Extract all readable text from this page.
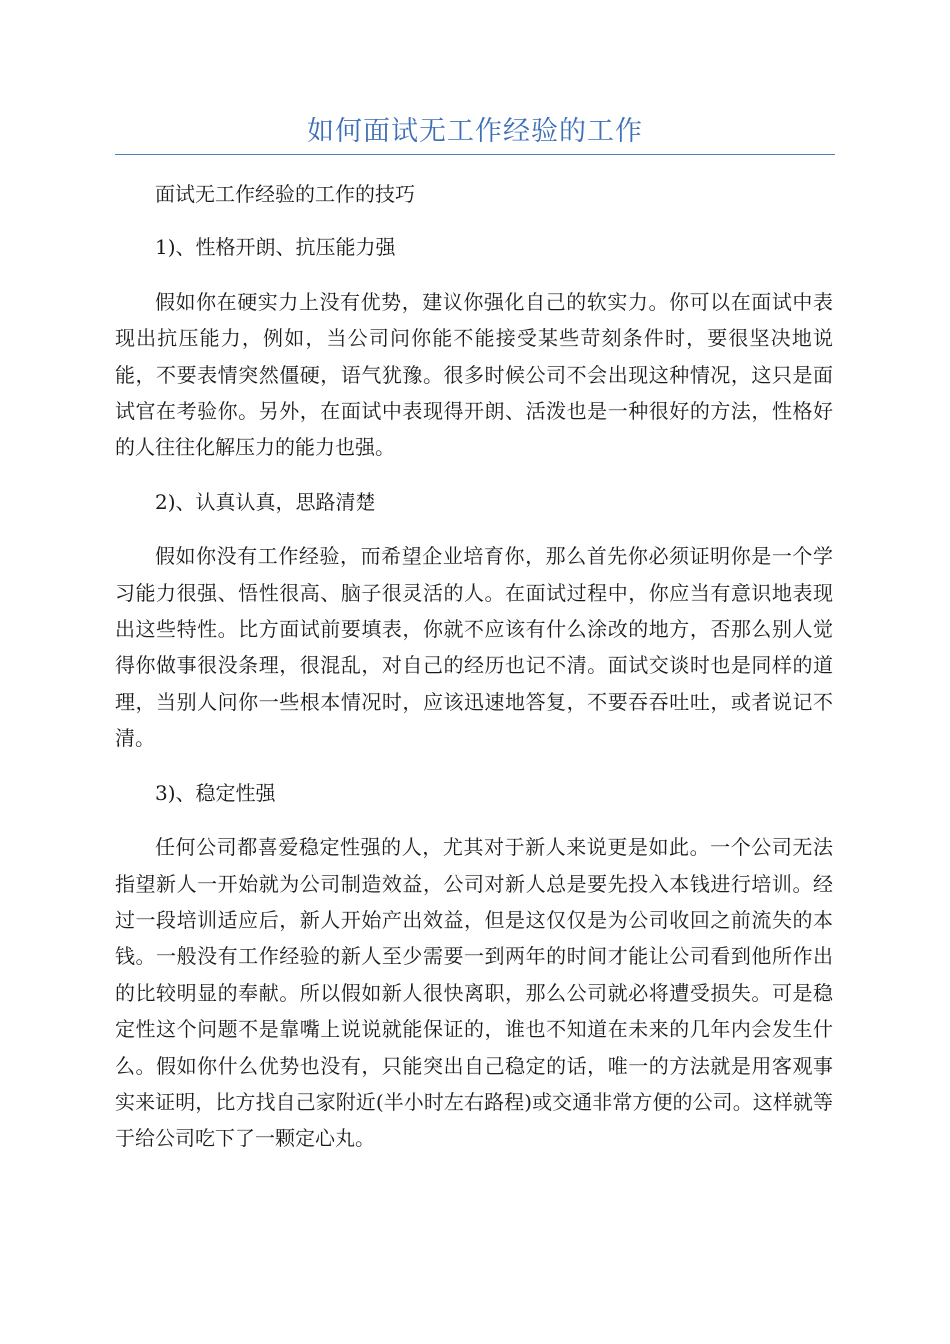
如何面试无工作经验的工作

面试无工作经验的工作的技巧

1)、性格开朗、抗压能力强

假如你在硬实力上没有优势，建议你强化自己的软实力。你可以在面试中表现出抗压能力，例如，当公司问你能不能接受某些苛刻条件时，要很坚决地说能，不要表情突然僵硬，语气犹豫。很多时候公司不会出现这种情况，这只是面试官在考验你。另外，在面试中表现得开朗、活泼也是一种很好的方法，性格好的人往往化解压力的能力也强。

2)、认真认真，思路清楚

假如你没有工作经验，而希望企业培育你，那么首先你必须证明你是一个学习能力很强、悟性很高、脑子很灵活的人。在面试过程中，你应当有意识地表现出这些特性。比方面试前要填表，你就不应该有什么涂改的地方，否那么别人觉得你做事很没条理，很混乱，对自己的经历也记不清。面试交谈时也是同样的道理，当别人问你一些根本情况时，应该迅速地答复，不要吞吞吐吐，或者说记不清。

3)、稳定性强

任何公司都喜爱稳定性强的人，尤其对于新人来说更是如此。一个公司无法指望新人一开始就为公司制造效益，公司对新人总是要先投入本钱进行培训。经过一段培训适应后，新人开始产出效益，但是这仅仅是为公司收回之前流失的本钱。一般没有工作经验的新人至少需要一到两年的时间才能让公司看到他所作出的比较明显的奉献。所以假如新人很快离职，那么公司就必将遭受损失。可是稳定性这个问题不是靠嘴上说说就能保证的，谁也不知道在未来的几年内会发生什么。假如你什么优势也没有，只能突出自己稳定的话，唯一的方法就是用客观事实来证明，比方找自己家附近(半小时左右路程)或交通非常方便的公司。这样就等于给公司吃下了一颗定心丸。
